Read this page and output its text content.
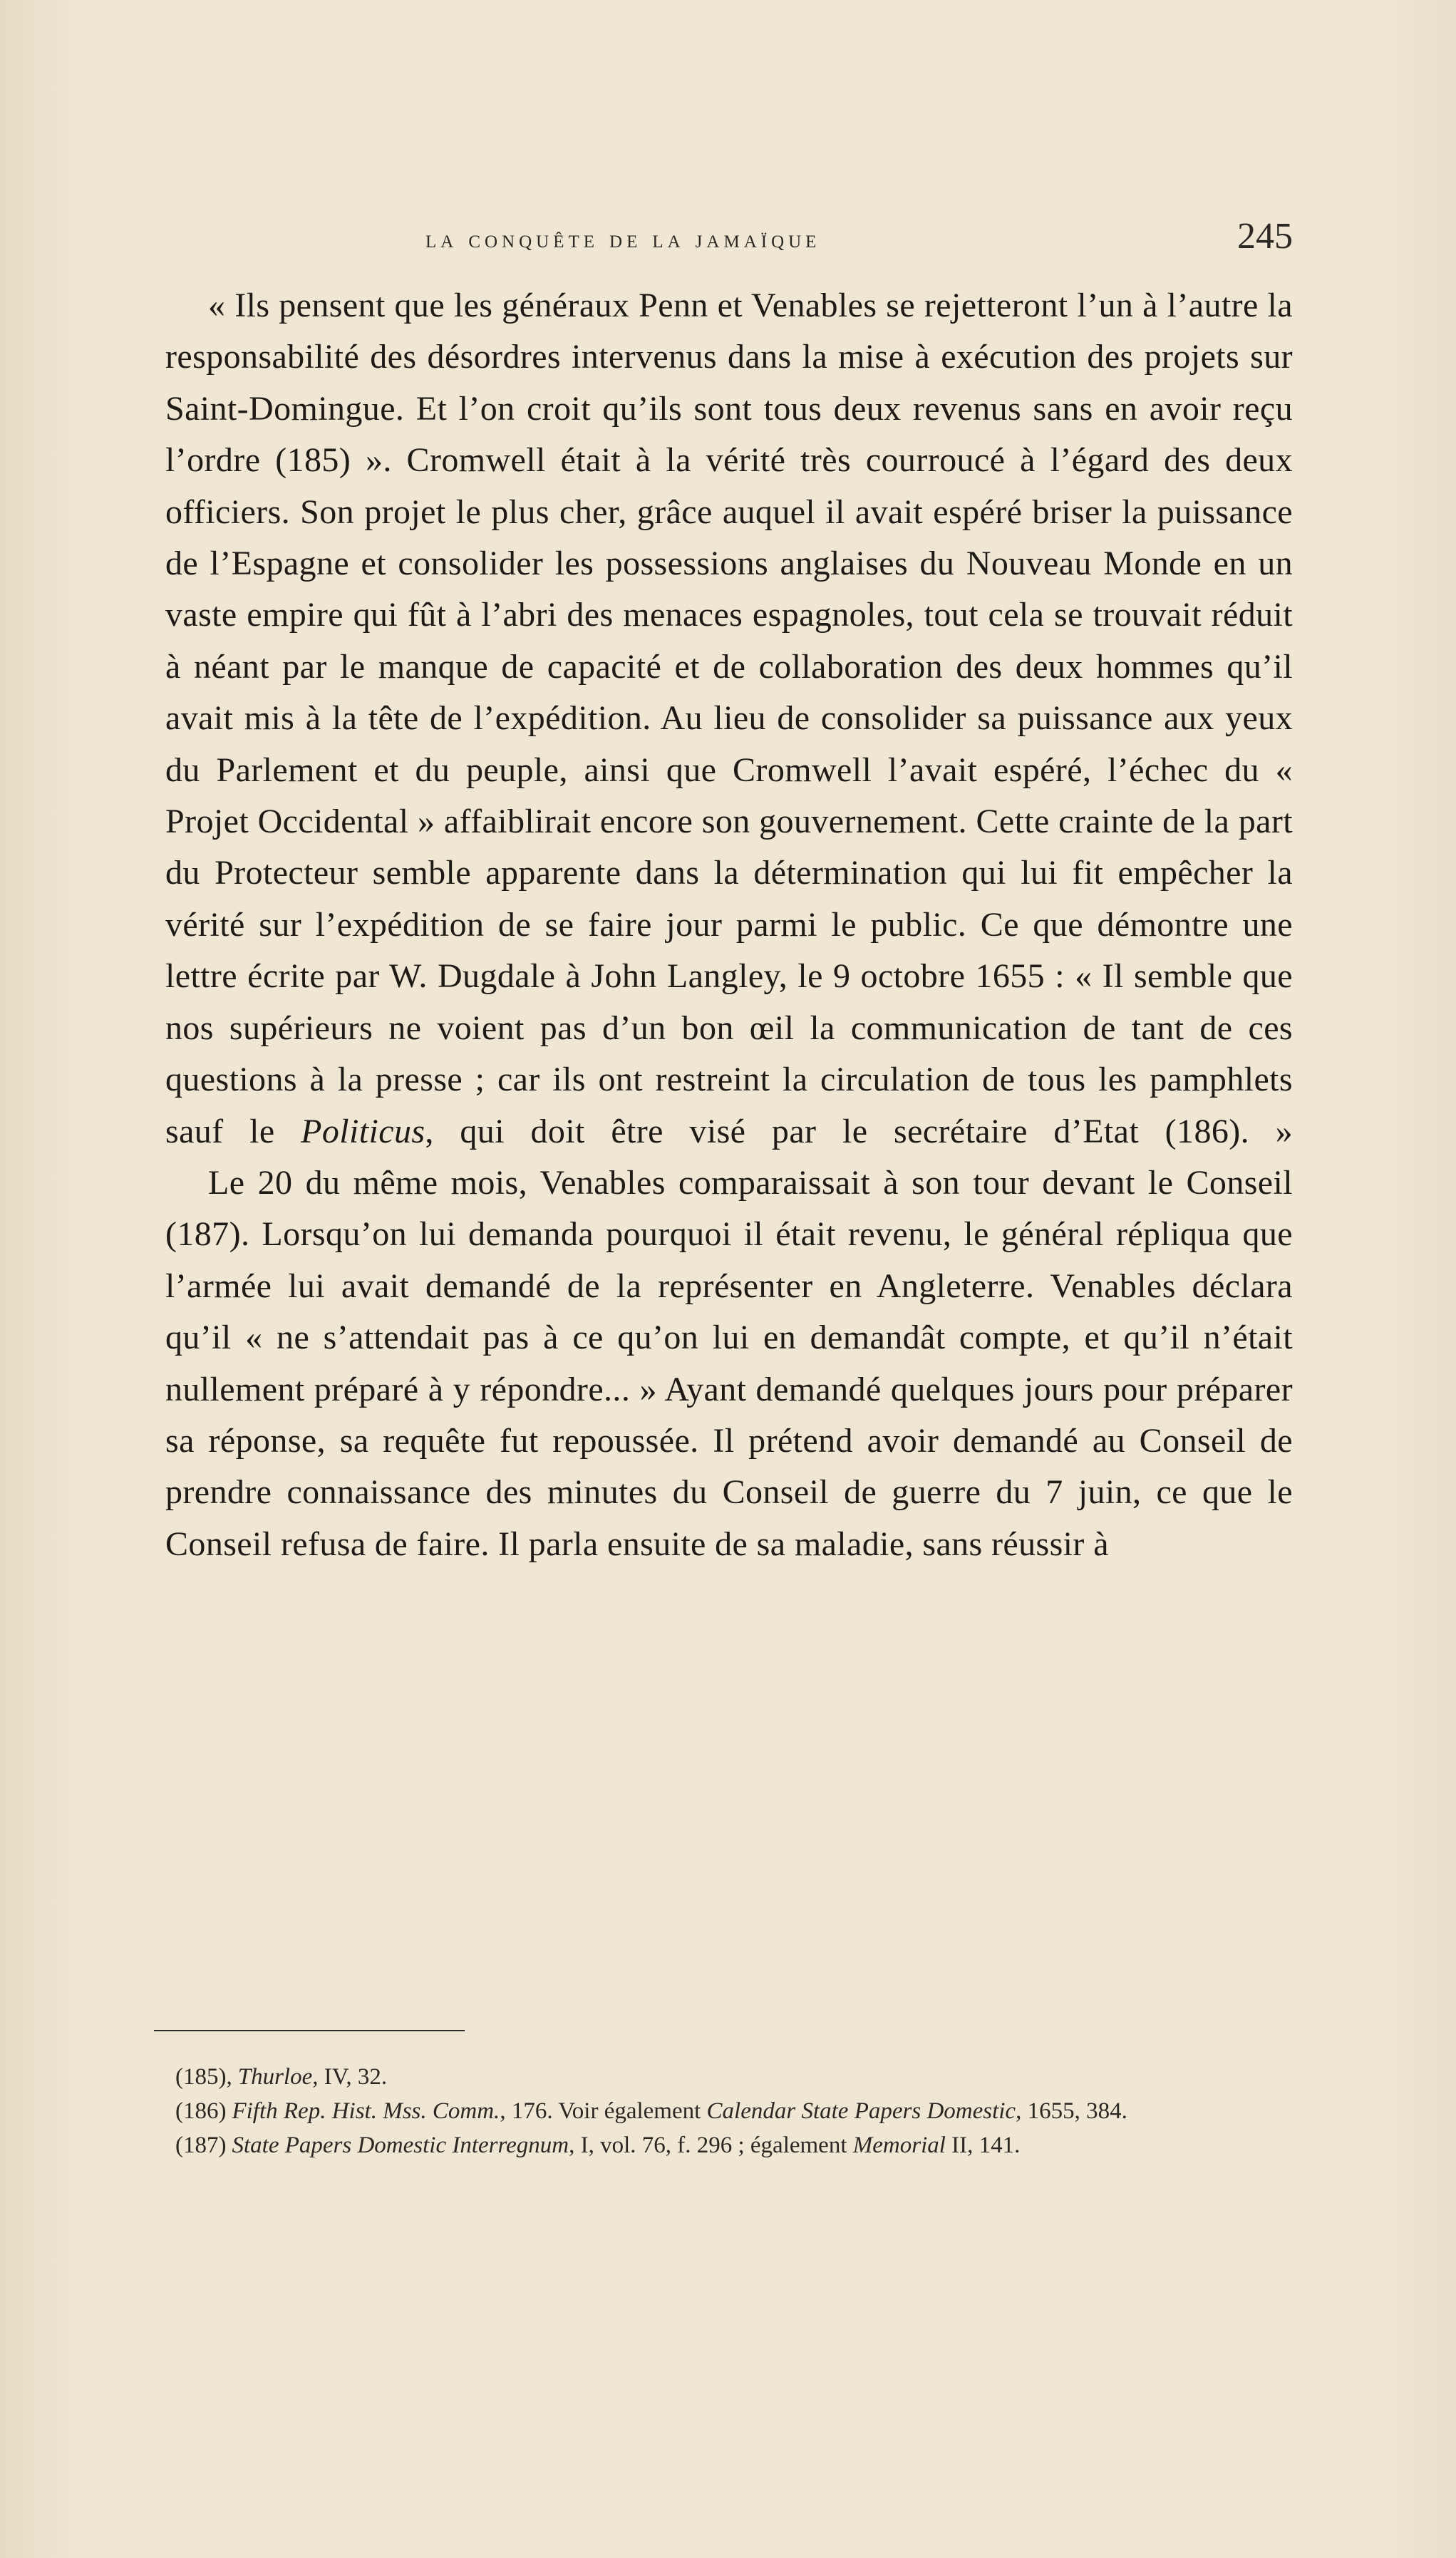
la conquête de la jamaïque	245

« Ils pensent que les généraux Penn et Venables se rejetteront l’un à l’autre la responsabilité des désordres intervenus dans la mise à exécution des projets sur Saint-Domingue. Et l’on croit qu’ils sont tous deux revenus sans en avoir reçu l’ordre (185) ». Cromwell était à la vérité très courroucé à l’égard des deux officiers. Son projet le plus cher, grâce auquel il avait espéré briser la puissance de l’Espagne et consolider les possessions anglaises du Nouveau Monde en un vaste empire qui fût à l’abri des menaces espagnoles, tout cela se trouvait réduit à néant par le manque de capacité et de collaboration des deux hommes qu’il avait mis à la tête de l’expédition. Au lieu de consolider sa puissance aux yeux du Parlement et du peuple, ainsi que Cromwell l’avait espéré, l’échec du « Projet Occidental » affaiblirait encore son gouvernement. Cette crainte de la part du Protecteur semble apparente dans la détermination qui lui fit empêcher la vérité sur l’expédition de se faire jour parmi le public. Ce que démontre une lettre écrite par W. Dugdale à John Langley, le 9 octobre 1655 : « Il semble que nos supérieurs ne voient pas d’un bon œil la communication de tant de ces questions à la presse ; car ils ont restreint la circulation de tous les pamphlets sauf le Politicus, qui doit être visé par le secrétaire d’Etat (186). »

Le 20 du même mois, Venables comparaissait à son tour devant le Conseil (187). Lorsqu’on lui demanda pourquoi il était revenu, le général répliqua que l’armée lui avait demandé de la représenter en Angleterre. Venables déclara qu’il « ne s’attendait pas à ce qu’on lui en demandât compte, et qu’il n’était nullement préparé à y répondre... » Ayant demandé quelques jours pour préparer sa réponse, sa requête fut repoussée. Il prétend avoir demandé au Conseil de prendre connaissance des minutes du Conseil de guerre du 7 juin, ce que le Conseil refusa de faire. Il parla ensuite de sa maladie, sans réussir à

(185), Thurloe, IV, 32.

(186) Fifth Rep. Hist. Mss. Comm., 176. Voir également Calendar State Papers Domestic, 1655, 384.

(187) State Papers Domestic Interregnum, I, vol. 76, f. 296 ; également Memorial II, 141.
